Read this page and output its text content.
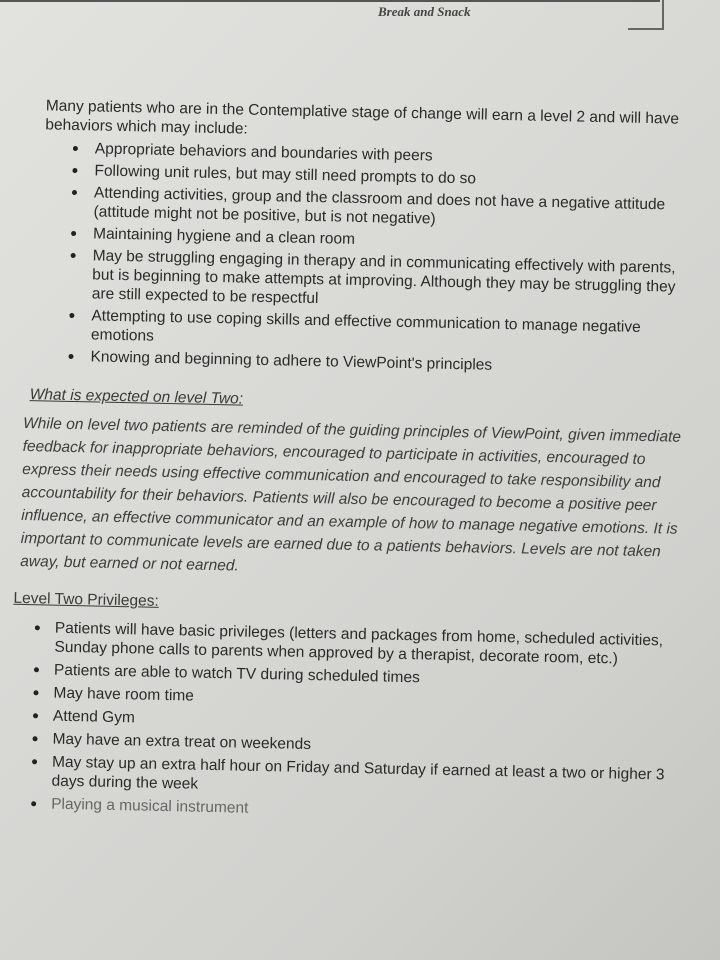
Break and Snack

Many patients who are in the Contemplative stage of change will earn a level 2 and will have behaviors which may include:

Appropriate behaviors and boundaries with peers
Following unit rules, but may still need prompts to do so
Attending activities, group and the classroom and does not have a negative attitude (attitude might not be positive, but is not negative)
Maintaining hygiene and a clean room
May be struggling engaging in therapy and in communicating effectively with parents, but is beginning to make attempts at improving. Although they may be struggling they are still expected to be respectful
Attempting to use coping skills and effective communication to manage negative emotions
Knowing and beginning to adhere to ViewPoint's principles
What is expected on level Two:

While on level two patients are reminded of the guiding principles of ViewPoint, given immediate feedback for inappropriate behaviors, encouraged to participate in activities, encouraged to express their needs using effective communication and encouraged to take responsibility and accountability for their behaviors. Patients will also be encouraged to become a positive peer influence, an effective communicator and an example of how to manage negative emotions. It is important to communicate levels are earned due to a patients behaviors. Levels are not taken away, but earned or not earned.

Level Two Privileges:
Patients will have basic privileges (letters and packages from home, scheduled activities, Sunday phone calls to parents when approved by a therapist, decorate room, etc.)
Patients are able to watch TV during scheduled times
May have room time
Attend Gym
May have an extra treat on weekends
May stay up an extra half hour on Friday and Saturday if earned at least a two or higher 3 days during the week
Playing a musical instrument
